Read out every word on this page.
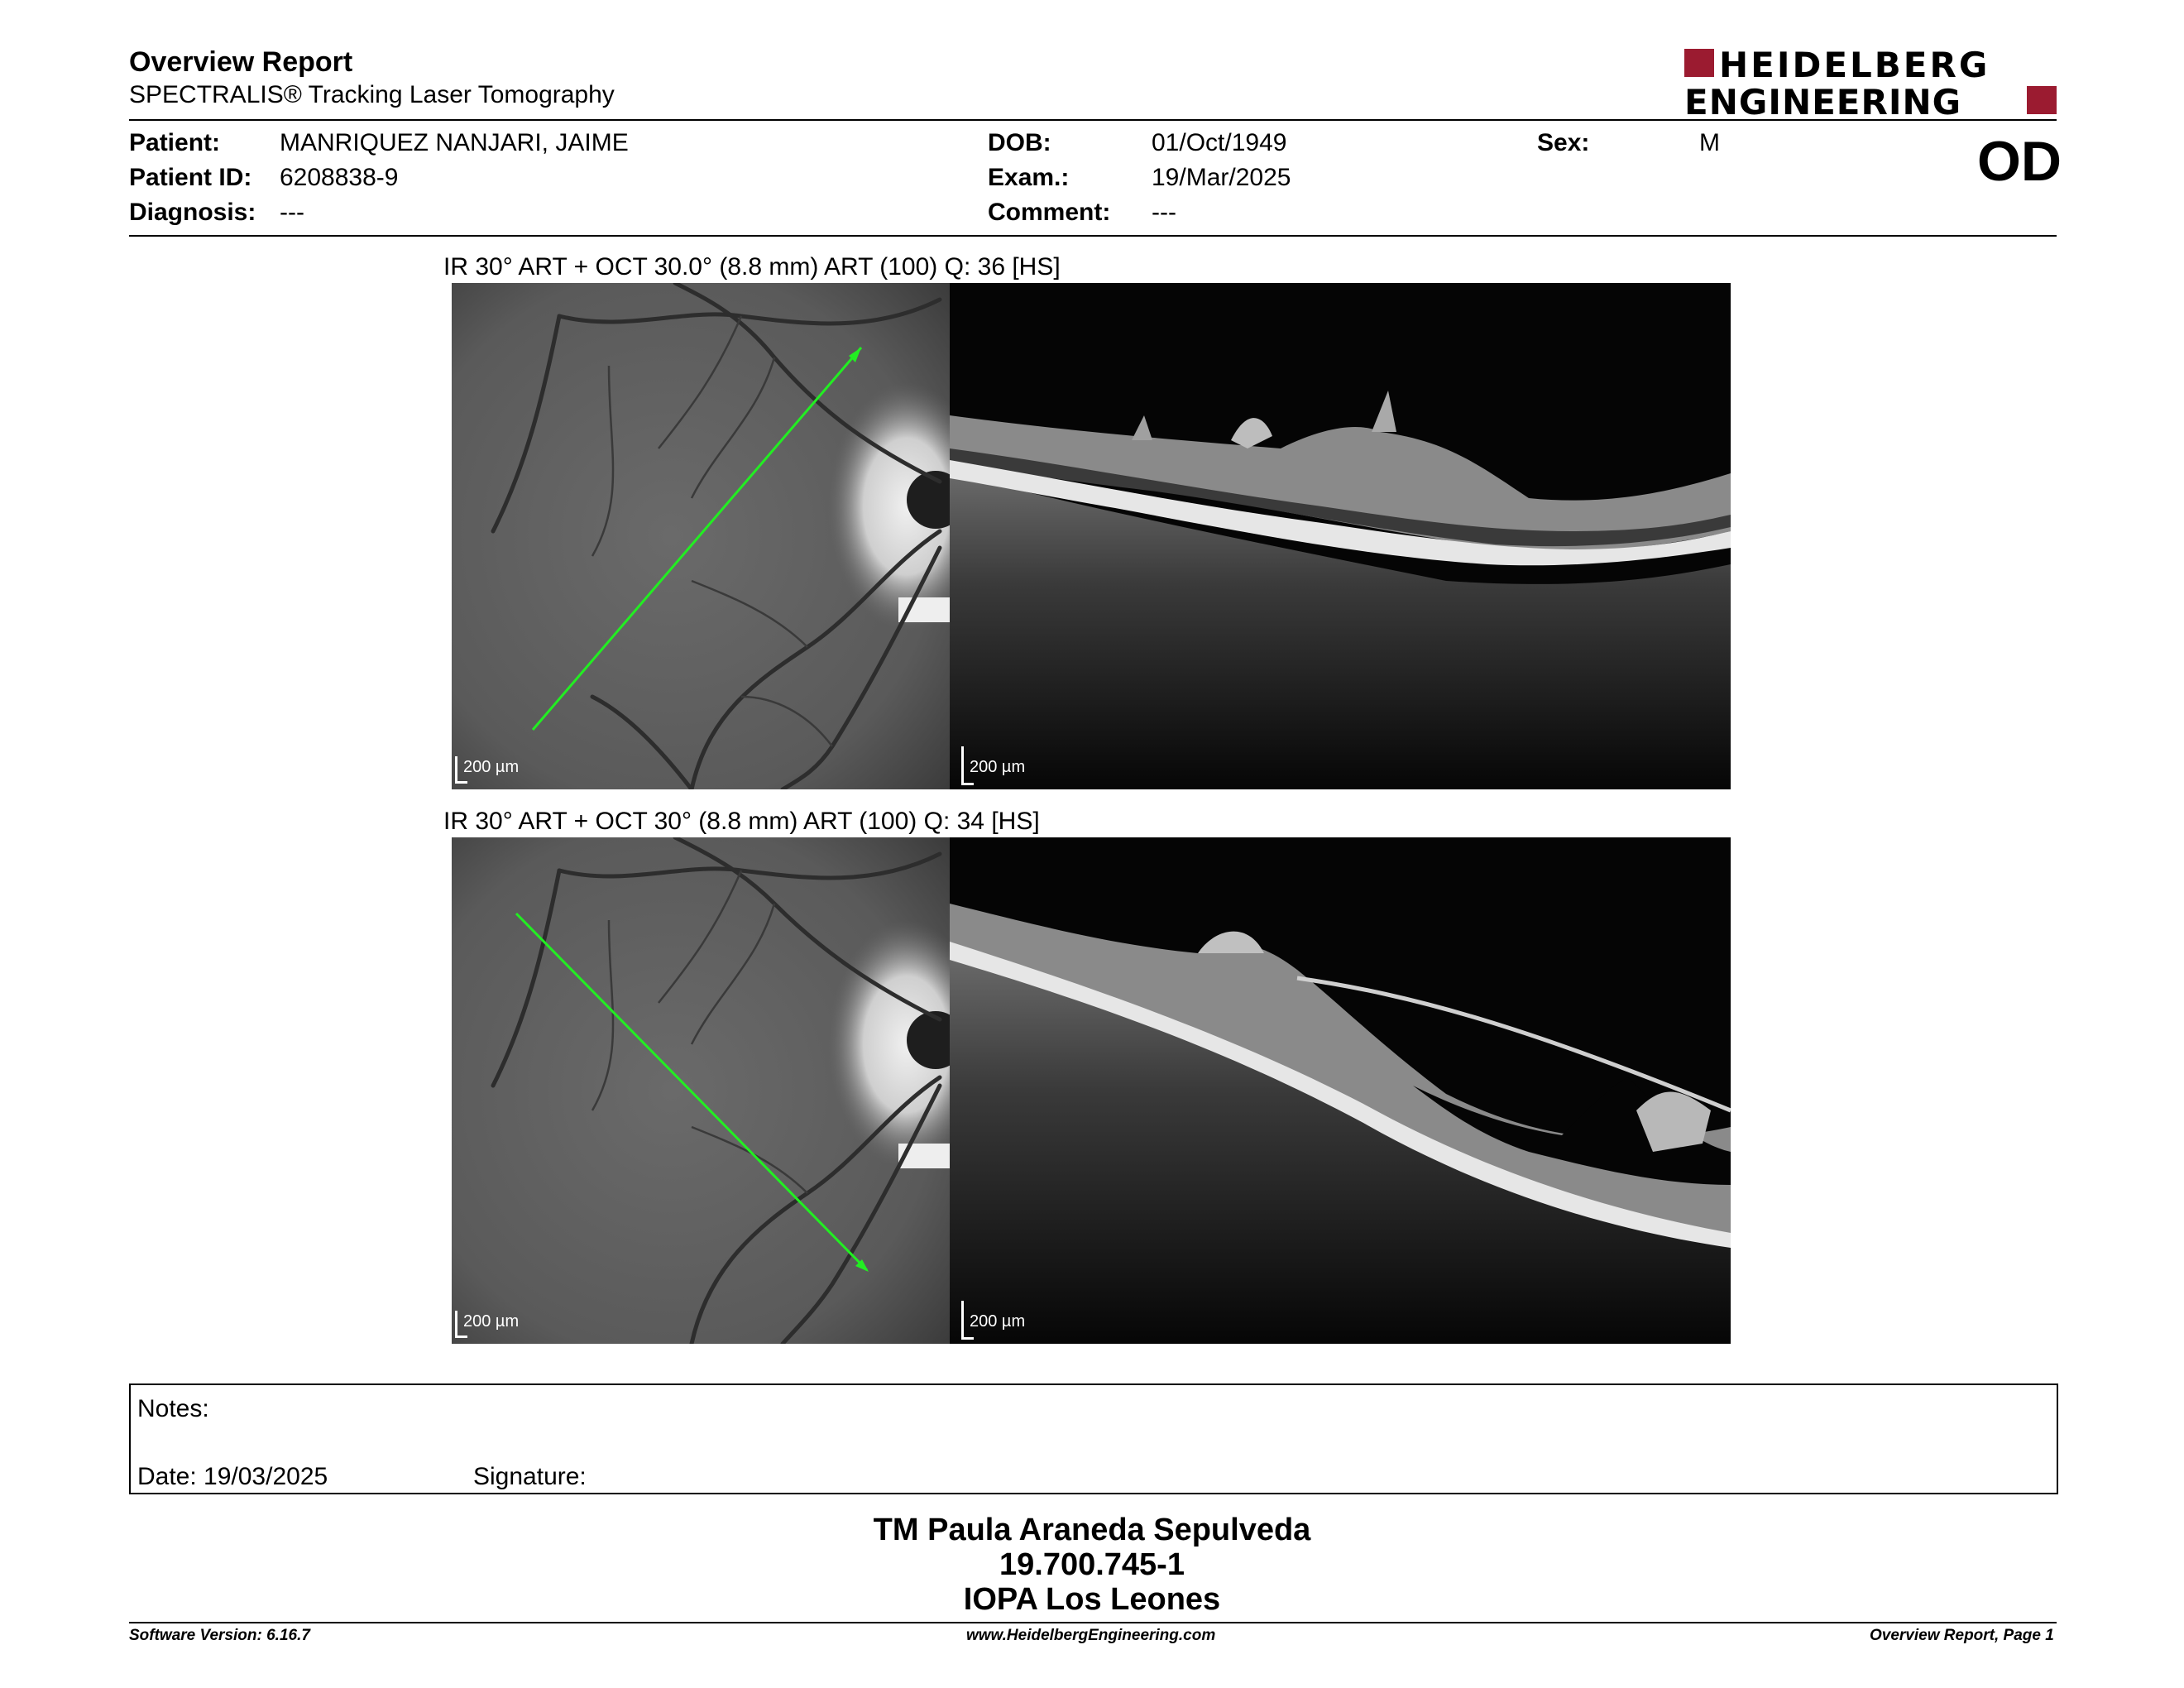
Overview Report
SPECTRALIS® Tracking Laser Tomography
HEIDELBERG
ENGINEERING
Patient: MANRIQUEZ NANJARI, JAIME
Patient ID: 6208838-9
Diagnosis: ---
DOB:	01/Oct/1949
Exam.:	19/Mar/2025
Comment: ---
Sex:	M	OD
IR 30° ART + OCT 30.0° (8.8 mm) ART (100) Q: 36 [HS]
200 µm	200 µm
IR 30° ART + OCT 30° (8.8 mm) ART (100) Q: 34 [HS]
200 µm	200 µm
Notes:
Date: 19/03/2025	Signature:
TM Paula Araneda Sepulveda
19.700.745-1
IOPA Los Leones
Software Version: 6.16.7	www.HeidelbergEngineering.com	Overview Report, Page 1
